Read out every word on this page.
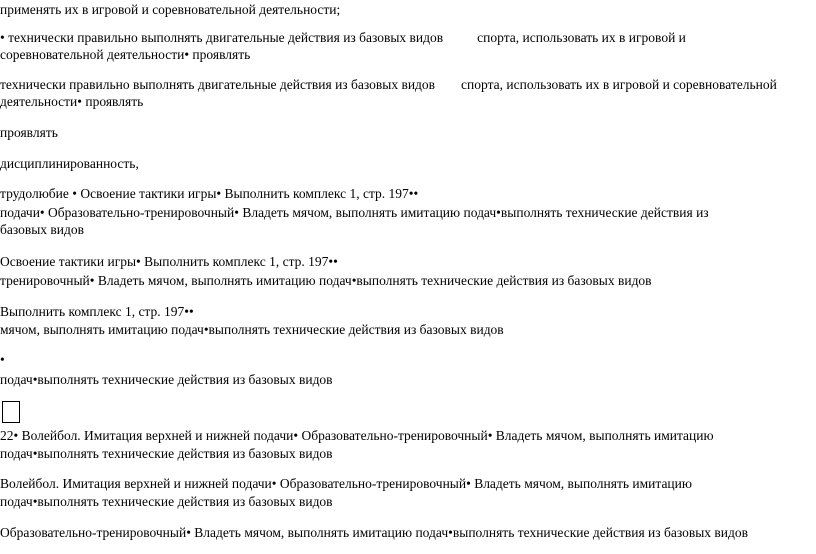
применять их в игровой и соревновательной деятельности;
• технически правильно выполнять двигательные действия из базовых видов	спорта, использовать их в игровой и
соревновательной деятельности• проявлять
технически правильно выполнять двигательные действия из базовых видов спорта, использовать их в игровой и соревновательной
деятельности• проявлять
проявлять
дисциплинированность,
трудолюбие • Освоение тактики игры• Выполнить комплекс 1, стр. 197••
подачи• Образовательно-тренировочный• Владеть мячом, выполнять имитацию подач•выполнять технические действия из
базовых видов
Освоение тактики игры• Выполнить комплекс 1, стр. 197••
тренировочный• Владеть мячом, выполнять имитацию подач•выполнять технические действия из базовых видов
Выполнить комплекс 1, стр. 197••
мячом, выполнять имитацию подач•выполнять технические действия из базовых видов
•
подач•выполнять технические действия из базовых видов
22• Волейбол. Имитация верхней и нижней подачи• Образовательно-тренировочный• Владеть мячом, выполнять имитацию
подач•выполнять технические действия из базовых видов
Волейбол. Имитация верхней и нижней подачи• Образовательно-тренировочный• Владеть мячом, выполнять имитацию
подач•выполнять технические действия из базовых видов
Образовательно-тренировочный• Владеть мячом, выполнять имитацию подач•выполнять технические действия из базовых видов
